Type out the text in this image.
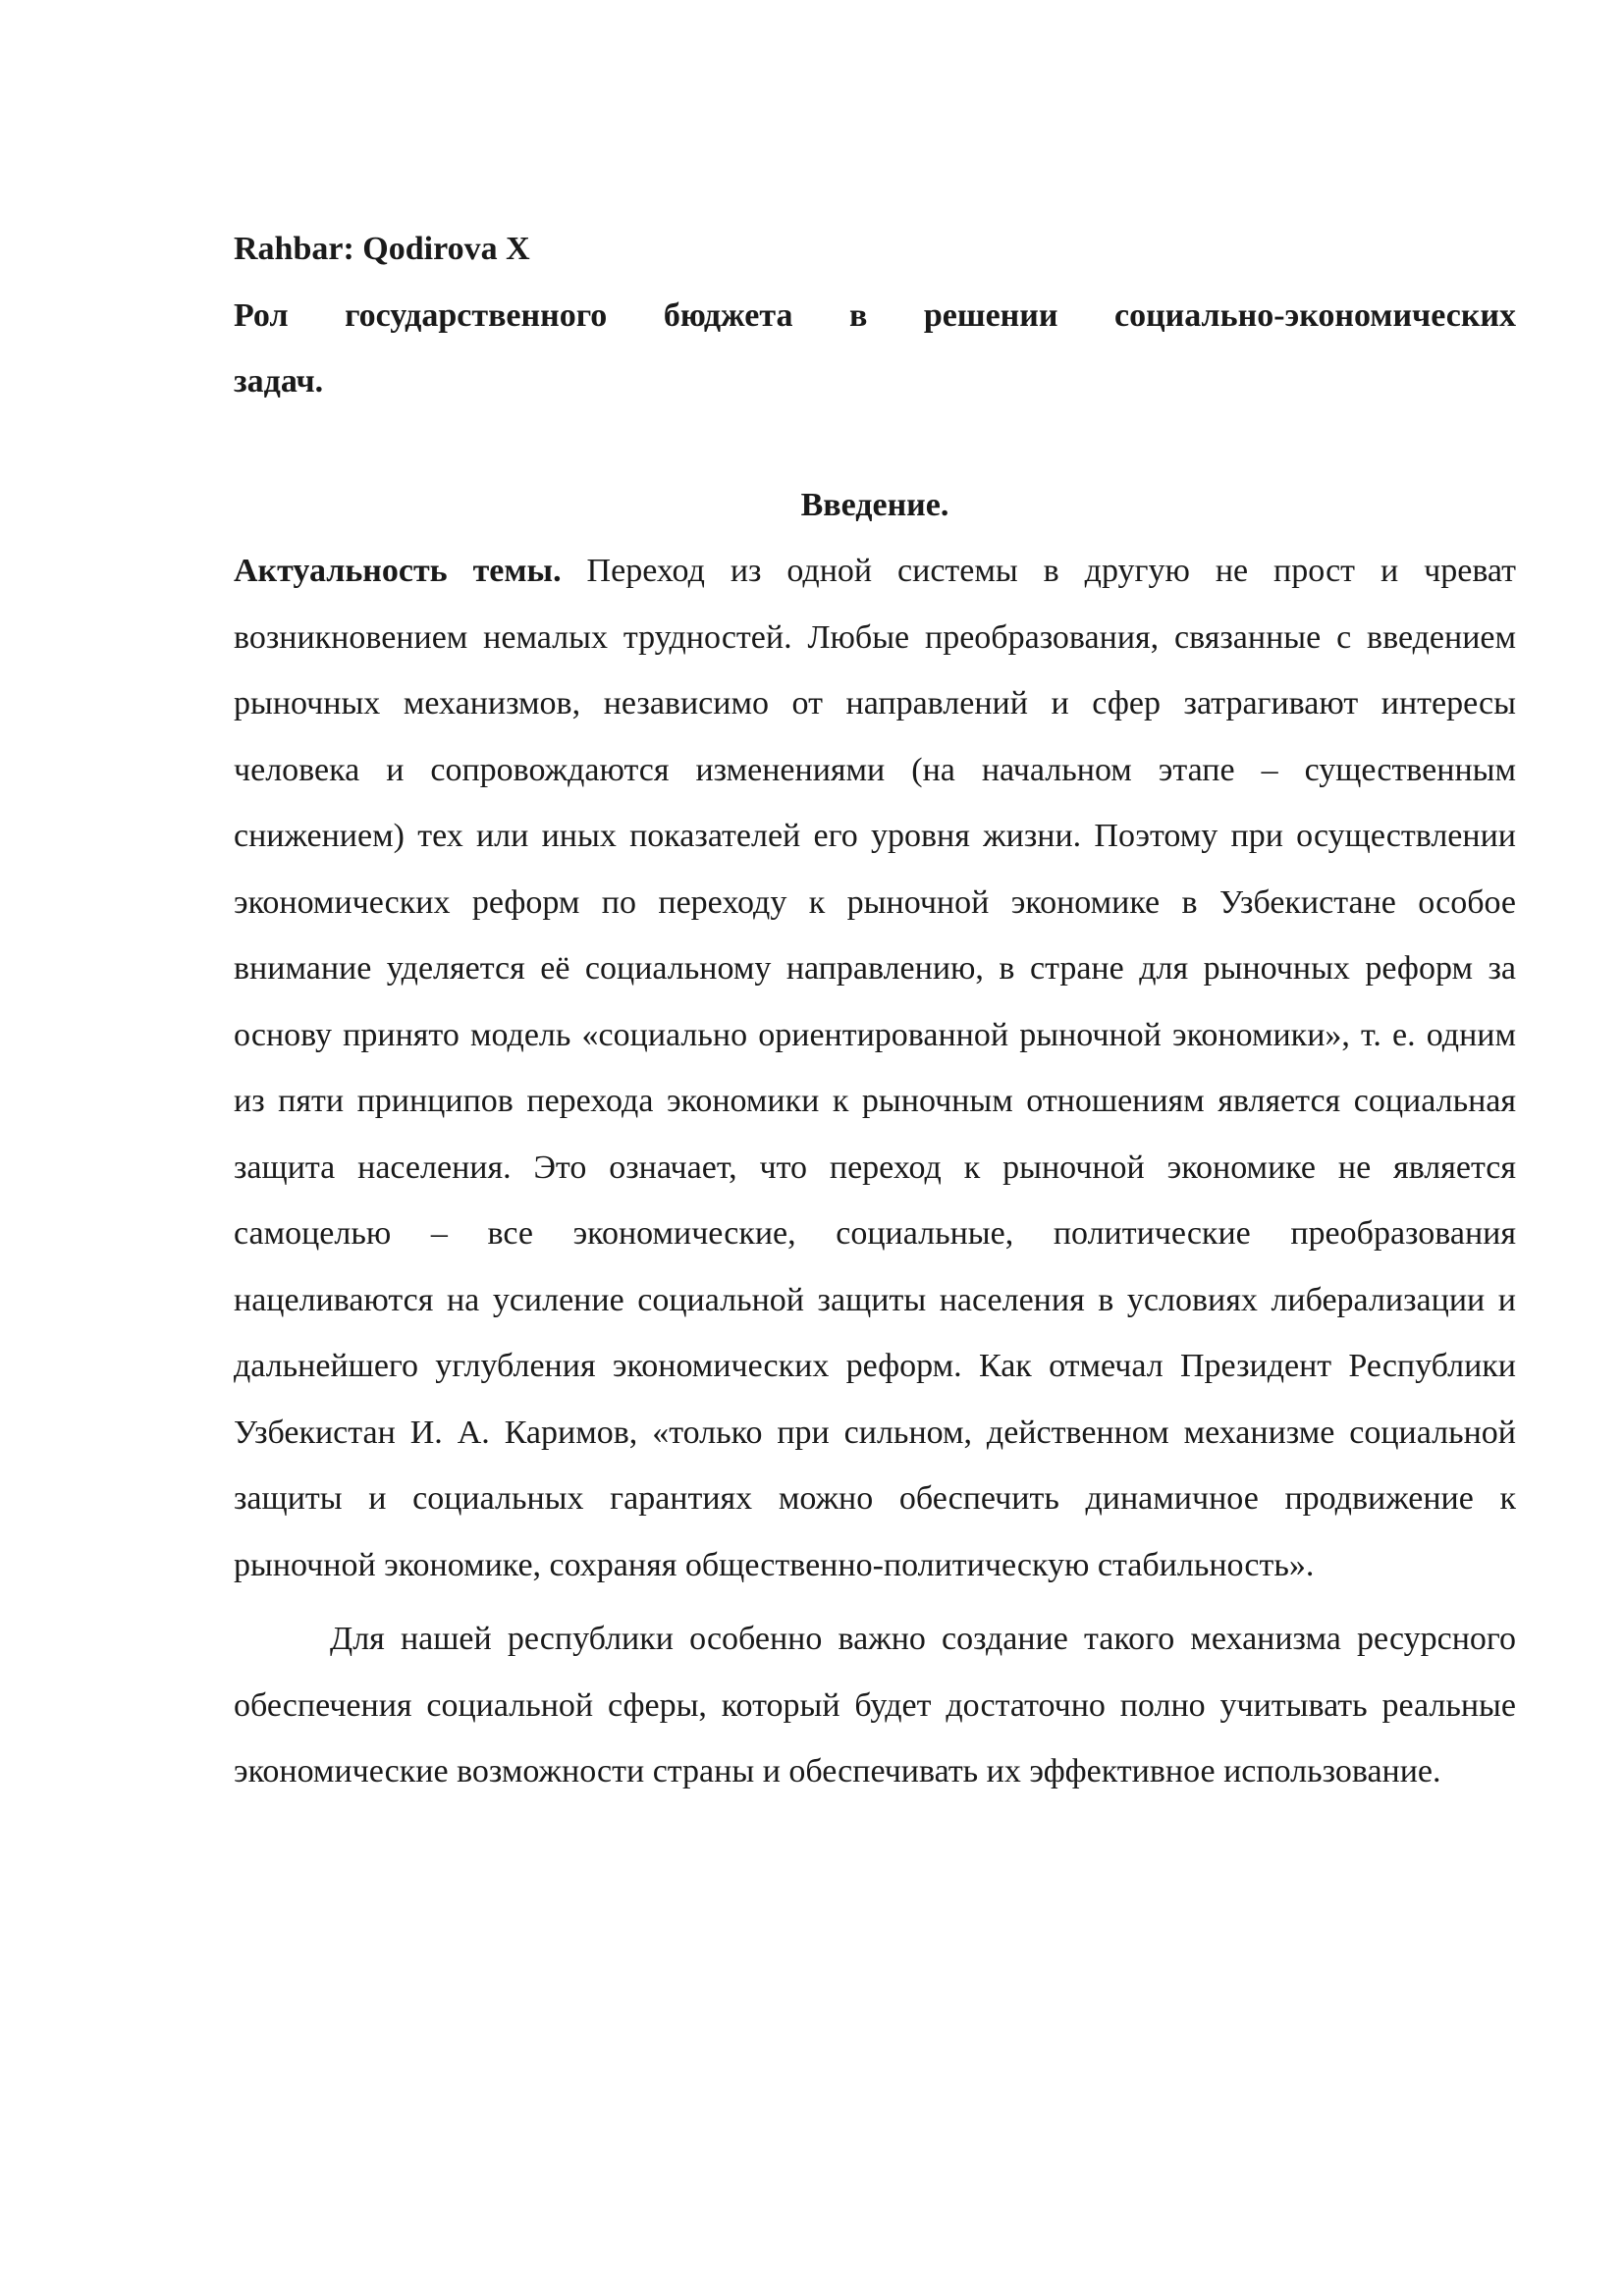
Rahbar: Qodirova X

Рол государственного бюджета в решении социально-экономических
задач.

Введение.

Актуальность темы. Переход из одной системы в другую не прост и чреват возникновением немалых трудностей. Любые преобразования, связанные с введением рыночных механизмов, независимо от направлений и сфер затрагивают интересы человека и сопровождаются изменениями (на начальном этапе – существенным снижением) тех или иных показателей его уровня жизни. Поэтому при осуществлении экономических реформ по переходу к рыночной экономике в Узбекистане особое внимание уделяется её социальному направлению, в стране для рыночных реформ за основу принято модель «социально ориентированной рыночной экономики», т. е. одним из пяти принципов перехода экономики к рыночным отношениям является социальная защита населения. Это означает, что переход к рыночной экономике не является самоцелью – все экономические, социальные, политические преобразования нацеливаются на усиление социальной защиты населения в условиях либерализации и дальнейшего углубления экономических реформ. Как отмечал Президент Республики Узбекистан И. А. Каримов, «только при сильном, действенном механизме социальной защиты и социальных гарантиях можно обеспечить динамичное продвижение к рыночной экономике, сохраняя общественно-политическую стабильность».

Для нашей республики особенно важно создание такого механизма ресурсного обеспечения социальной сферы, который будет достаточно полно учитывать реальные экономические возможности страны и обеспечивать их эффективное использование.
